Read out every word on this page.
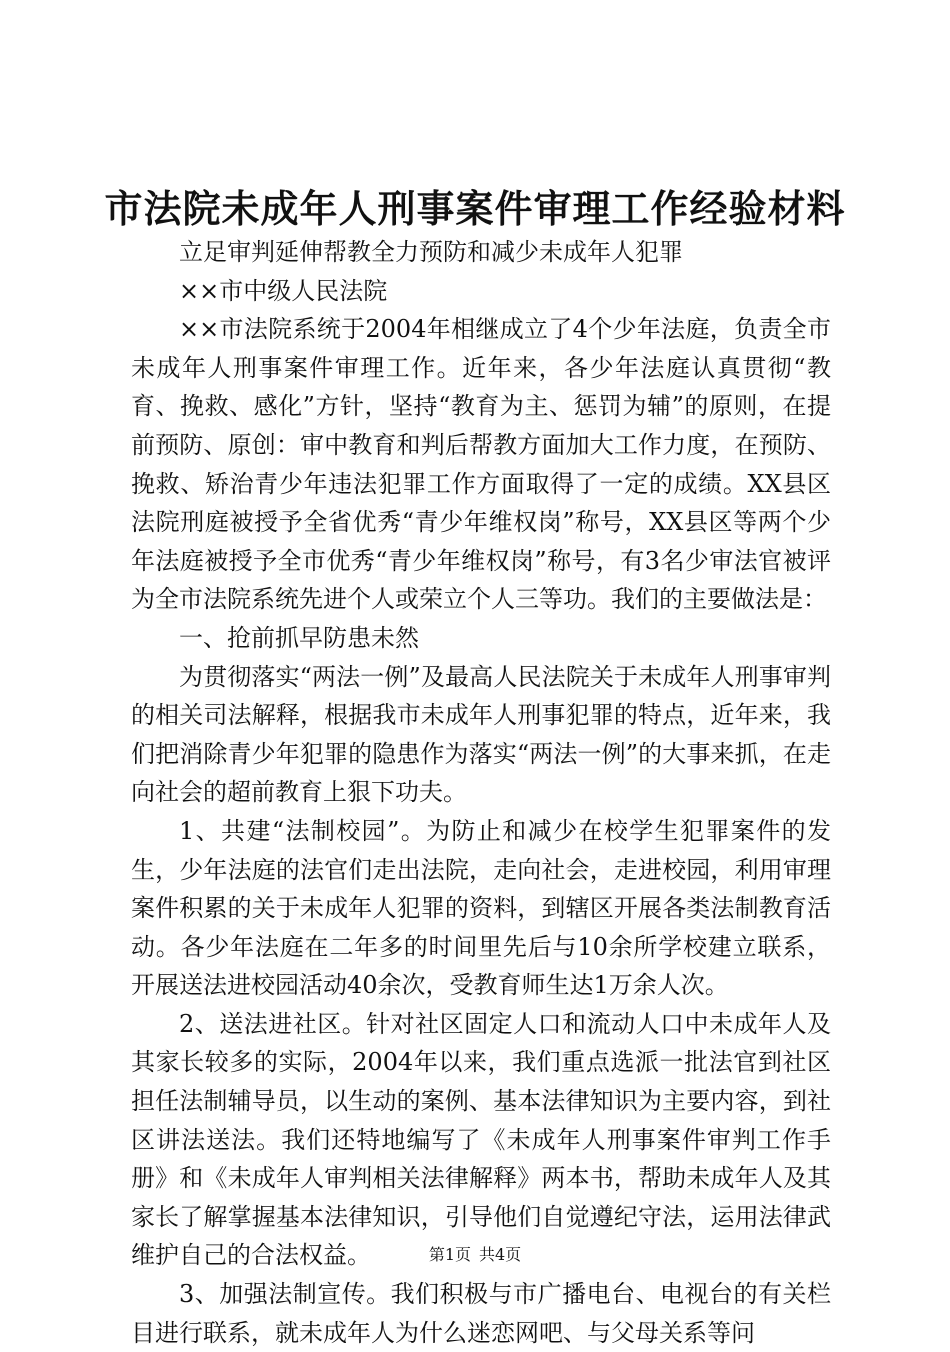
市法院未成年人刑事案件审理工作经验材料

立足审判延伸帮教全力预防和减少未成年人犯罪

××市中级人民法院

××市法院系统于2004年相继成立了4个少年法庭，负责全市未成年人刑事案件审理工作。近年来，各少年法庭认真贯彻“教育、挽救、感化”方针，坚持“教育为主、惩罚为辅”的原则，在提前预防、原创：审中教育和判后帮教方面加大工作力度，在预防、挽救、矫治青少年违法犯罪工作方面取得了一定的成绩。XX县区法院刑庭被授予全省优秀“青少年维权岗”称号，XX县区等两个少年法庭被授予全市优秀“青少年维权岗”称号，有3名少审法官被评为全市法院系统先进个人或荣立个人三等功。我们的主要做法是：

一、抢前抓早防患未然

为贯彻落实“两法一例”及最高人民法院关于未成年人刑事审判的相关司法解释，根据我市未成年人刑事犯罪的特点，近年来，我们把消除青少年犯罪的隐患作为落实“两法一例”的大事来抓，在走向社会的超前教育上狠下功夫。

1、共建“法制校园”。为防止和减少在校学生犯罪案件的发生，少年法庭的法官们走出法院，走向社会，走进校园，利用审理案件积累的关于未成年人犯罪的资料，到辖区开展各类法制教育活动。各少年法庭在二年多的时间里先后与10余所学校建立联系，开展送法进校园活动40余次，受教育师生达1万余人次。

2、送法进社区。针对社区固定人口和流动人口中未成年人及其家长较多的实际，2004年以来，我们重点选派一批法官到社区担任法制辅导员，以生动的案例、基本法律知识为主要内容，到社区讲法送法。我们还特地编写了《未成年人刑事案件审判工作手册》和《未成年人审判相关法律解释》两本书，帮助未成年人及其家长了解掌握基本法律知识，引导他们自觉遵纪守法，运用法律武维护自己的合法权益。

3、加强法制宣传。我们积极与市广播电台、电视台的有关栏目进行联系，就未成年人为什么迷恋网吧、与父母关系等问

第1页 共4页
